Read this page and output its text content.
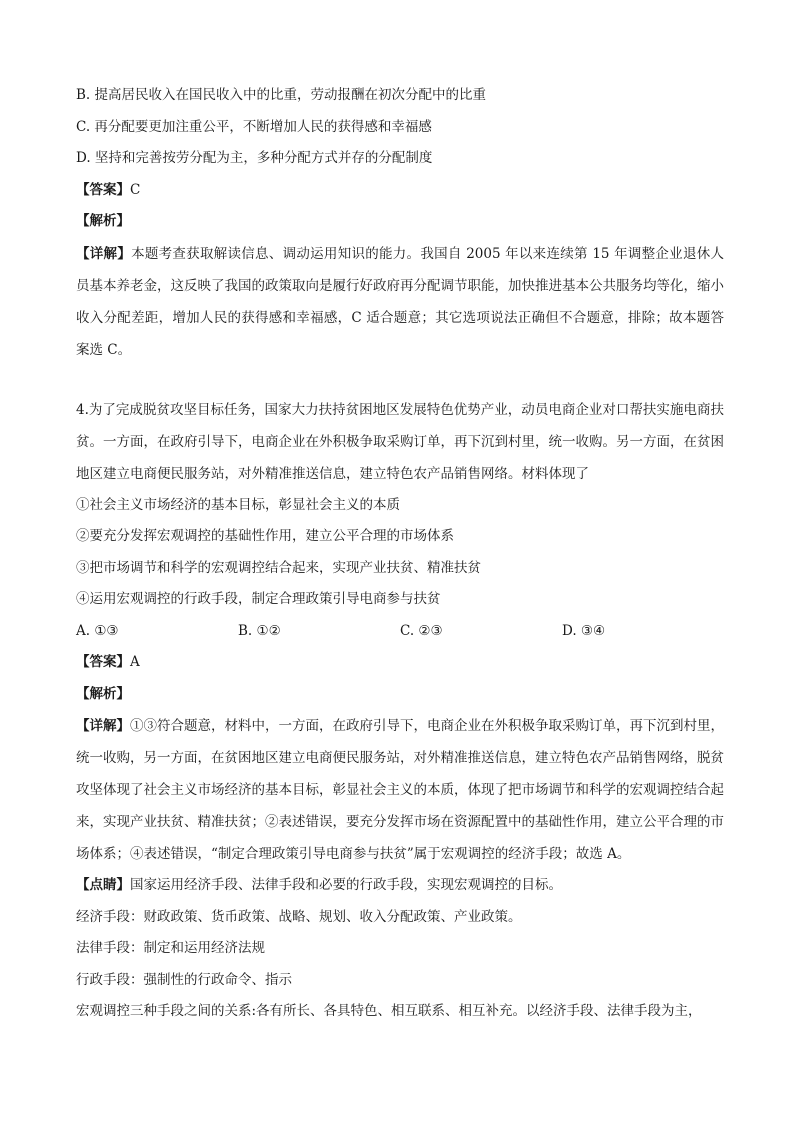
B. 提高居民收入在国民收入中的比重，劳动报酬在初次分配中的比重

C. 再分配要更加注重公平，不断增加人民的获得感和幸福感

D. 坚持和完善按劳分配为主，多种分配方式并存的分配制度

【答案】C

【解析】

【详解】本题考查获取解读信息、调动运用知识的能力。我国自 2005 年以来连续第 15 年调整企业退休人员基本养老金，这反映了我国的政策取向是履行好政府再分配调节职能，加快推进基本公共服务均等化，缩小收入分配差距，增加人民的获得感和幸福感，C 适合题意；其它选项说法正确但不合题意，排除；故本题答案选 C。

4.为了完成脱贫攻坚目标任务，国家大力扶持贫困地区发展特色优势产业，动员电商企业对口帮扶实施电商扶贫。一方面，在政府引导下，电商企业在外积极争取采购订单，再下沉到村里，统一收购。另一方面，在贫困地区建立电商便民服务站，对外精准推送信息，建立特色农产品销售网络。材料体现了

①社会主义市场经济的基本目标，彰显社会主义的本质

②要充分发挥宏观调控的基础性作用，建立公平合理的市场体系

③把市场调节和科学的宏观调控结合起来，实现产业扶贫、精准扶贫

④运用宏观调控的行政手段，制定合理政策引导电商参与扶贫

A. ①③	B. ①②	C. ②③	D. ③④

【答案】A

【解析】

【详解】①③符合题意，材料中，一方面，在政府引导下，电商企业在外积极争取采购订单，再下沉到村里，统一收购，另一方面，在贫困地区建立电商便民服务站，对外精准推送信息，建立特色农产品销售网络，脱贫攻坚体现了社会主义市场经济的基本目标，彰显社会主义的本质，体现了把市场调节和科学的宏观调控结合起来，实现产业扶贫、精准扶贫；②表述错误，要充分发挥市场在资源配置中的基础性作用，建立公平合理的市场体系；④表述错误，“制定合理政策引导电商参与扶贫”属于宏观调控的经济手段；故选 A。

【点睛】国家运用经济手段、法律手段和必要的行政手段，实现宏观调控的目标。

经济手段：财政政策、货币政策、战略、规划、收入分配政策、产业政策。

法律手段：制定和运用经济法规

行政手段：强制性的行政命令、指示

宏观调控三种手段之间的关系:各有所长、各具特色、相互联系、相互补充。以经济手段、法律手段为主，
